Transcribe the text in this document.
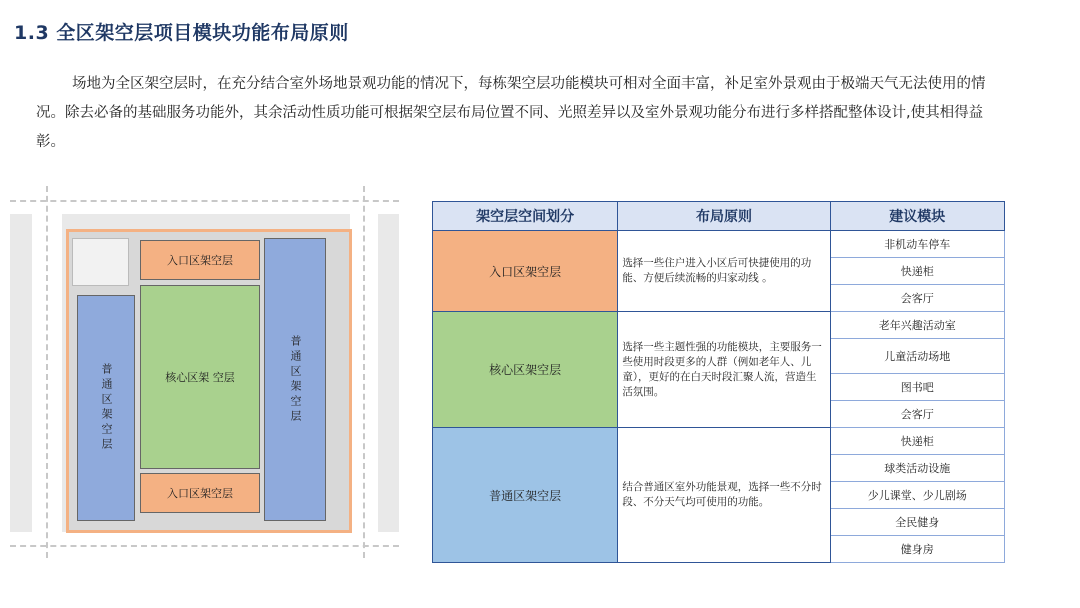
1.3 全区架空层项目模块功能布局原则
场地为全区架空层时，在充分结合室外场地景观功能的情况下，每栋架空层功能模块可相对全面丰富，补足室外景观由于极端天气无法使用的情况。除去必备的基础服务功能外，其余活动性质功能可根据架空层布局位置不同、光照差异以及室外景观功能分布进行多样搭配整体设计,使其相得益彰。
入口区架空层
核心区架 空层
入口区架空层
普通区架空层	普通区架空层
架空层空间划分	布局原则	建议模块
入口区架空层	选择一些住户进入小区后可快捷使用的功能、方便后续流畅的归家动线 。	非机动车停车
		快递柜
		会客厅
核心区架空层	选择一些主题性强的功能模块，主要服务一些使用时段更多的人群（例如老年人、儿童），更好的在白天时段汇聚人流，营造生活氛围。	老年兴趣活动室
		儿童活动场地
		图书吧
		会客厅
普通区架空层	结合普通区室外功能景观，选择一些不分时段、不分天气均可使用的功能。	快递柜
		球类活动设施
		少儿课堂、少儿剧场
		全民健身
		健身房
